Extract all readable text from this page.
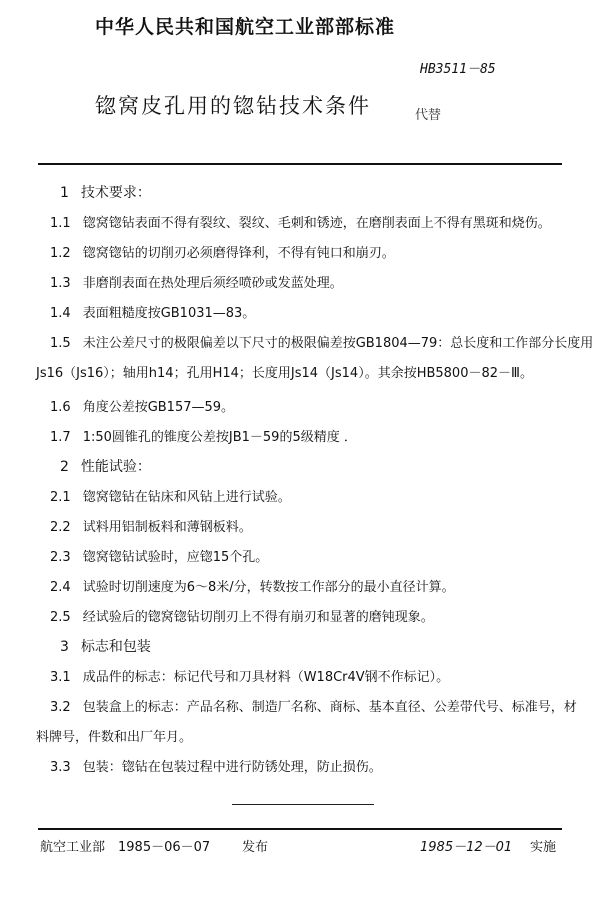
中华人民共和国航空工业部部标准
HB3511－85
锪窝皮孔用的锪钻技术条件	代替
1 技术要求：
1.1 锪窝锪钻表面不得有裂纹、裂纹、毛刺和锈迹，在磨削表面上不得有黑斑和烧伤。
1.2 锪窝锪钻的切削刃必须磨得锋利，不得有钝口和崩刃。
1.3 非磨削表面在热处理后须经喷砂或发蓝处理。
1.4 表面粗糙度按GB1031—83。
1.5 未注公差尺寸的极限偏差以下尺寸的极限偏差按GB1804—79：总长度和工作部分长度用
Js16（Js16）；轴用h14；孔用H14；长度用Js14（Js14）。其余按HB5800－82－Ⅲ。
1.6 角度公差按GB157—59。
1.7 1:50圆锥孔的锥度公差按JB1－59的5级精度 ．
2 性能试验：
2.1 锪窝锪钻在钻床和风钻上进行试验。
2.2 试料用铝制板料和薄钢板料。
2.3 锪窝锪钻试验时，应锪15个孔。
2.4 试验时切削速度为6～8米/分，转数按工作部分的最小直径计算。
2.5 经试验后的锪窝锪钻切削刃上不得有崩刃和显著的磨钝现象。
3 标志和包装
3.1 成品件的标志：标记代号和刀具材料（W18Cr4V钢不作标记）。
3.2 包装盒上的标志：产品名称、制造厂名称、商标、基本直径、公差带代号、标准号，材
料牌号，件数和出厂年月。
3.3 包装：锪钻在包装过程中进行防锈处理，防止损伤。
航空工业部 1985－06－07 发布	1985－12－01 实施
